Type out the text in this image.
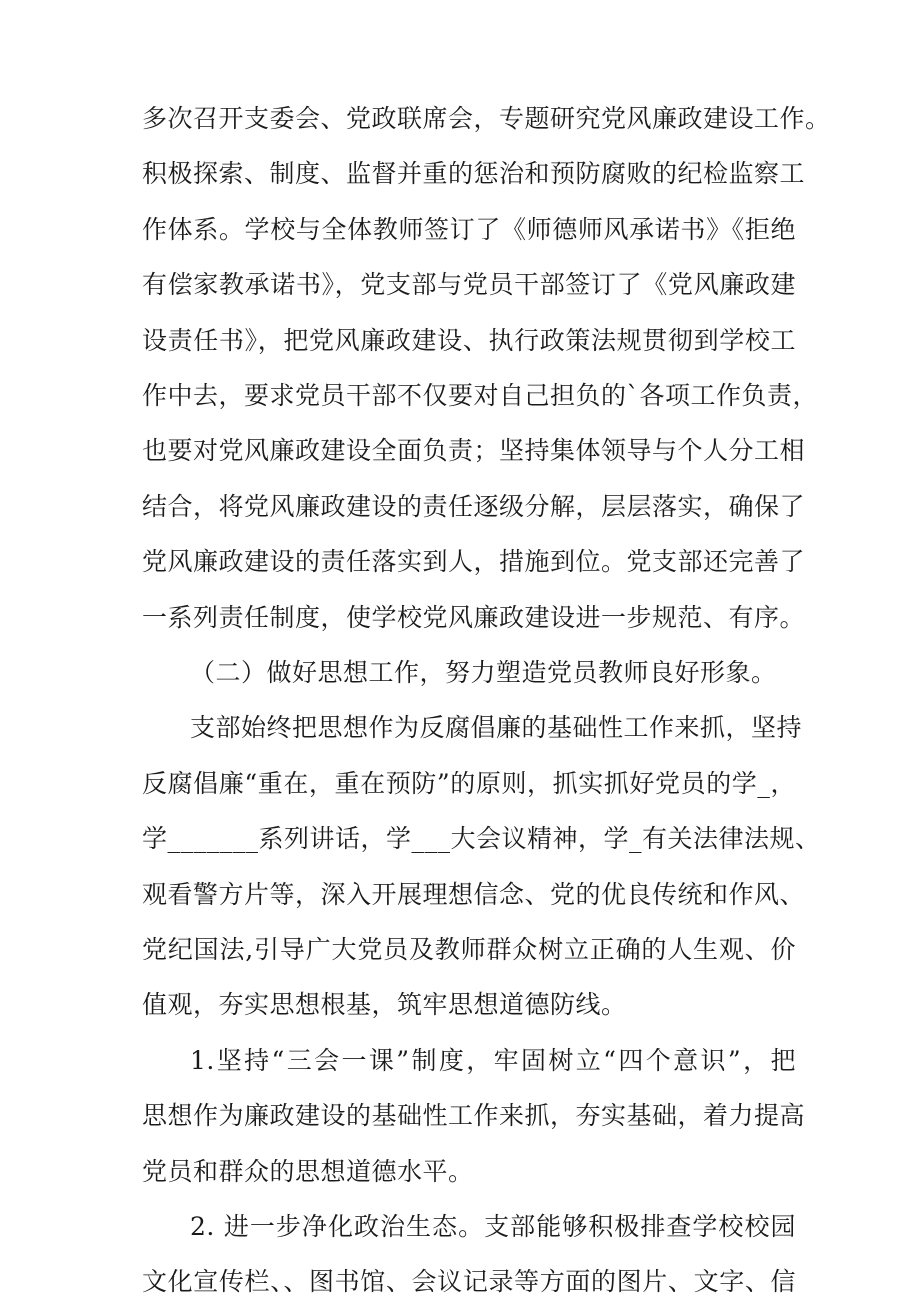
多次召开支委会、党政联席会，专题研究党风廉政建设工作。
积极探索、制度、监督并重的惩治和预防腐败的纪检监察工
作体系。学校与全体教师签订了《师德师风承诺书》《拒绝
有偿家教承诺书》，党支部与党员干部签订了《党风廉政建
设责任书》，把党风廉政建设、执行政策法规贯彻到学校工
作中去，要求党员干部不仅要对自己担负的`各项工作负责，
也要对党风廉政建设全面负责；坚持集体领导与个人分工相
结合，将党风廉政建设的责任逐级分解，层层落实，确保了
党风廉政建设的责任落实到人，措施到位。党支部还完善了
一系列责任制度，使学校党风廉政建设进一步规范、有序。
（二）做好思想工作，努力塑造党员教师良好形象。
支部始终把思想作为反腐倡廉的基础性工作来抓，坚持
反腐倡廉“重在，重在预防”的原则，抓实抓好党员的学_，
学_______系列讲话，学___大会议精神，学_有关法律法规、
观看警方片等，深入开展理想信念、党的优良传统和作风、
党纪国法,引导广大党员及教师群众树立正确的人生观、价
值观，夯实思想根基，筑牢思想道德防线。
1.坚持“三会一课”制度，牢固树立“四个意识”，把
思想作为廉政建设的基础性工作来抓，夯实基础，着力提高
党员和群众的思想道德水平。
2. 进一步净化政治生态。支部能够积极排查学校校园
文化宣传栏、、图书馆、会议记录等方面的图片、文字、信
